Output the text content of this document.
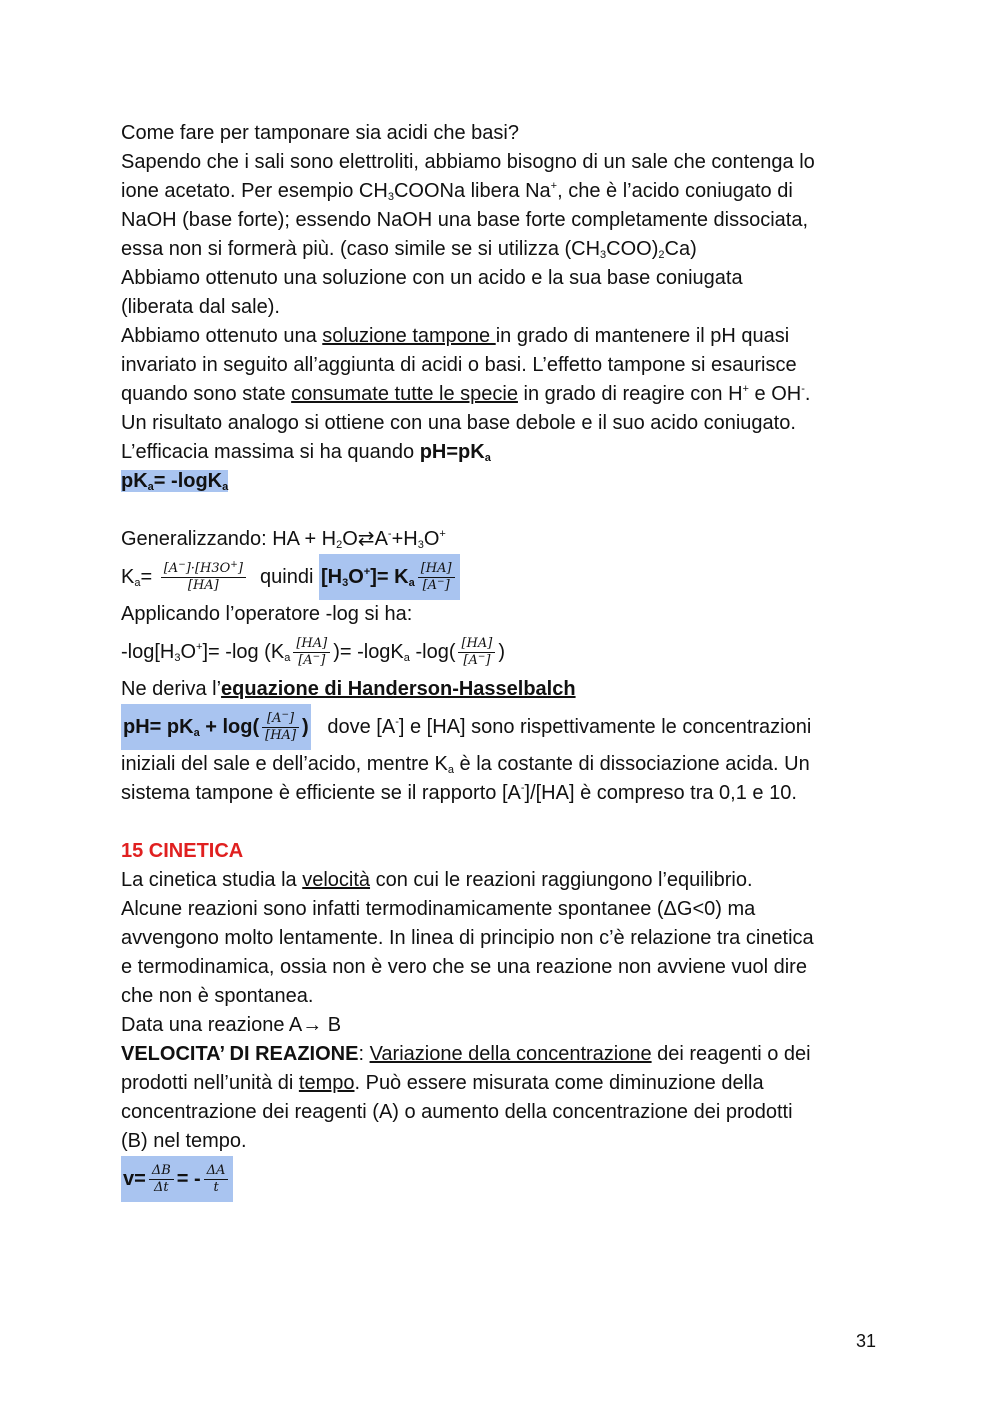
Come fare per tamponare sia acidi che basi?
Sapendo che i sali sono elettroliti, abbiamo bisogno di un sale che contenga lo
ione acetato. Per esempio $CH_3COONa$ libera Na+, che è l’acido coniugato di
NaOH (base forte); essendo NaOH una base forte completamente dissociata,
essa non si formerà più. (caso simile se si utilizza $(CH_3COO)_2Ca$)
Abbiamo ottenuto una soluzione con un acido e la sua base coniugata
(liberata dal sale).
Abbiamo ottenuto una soluzione tampone in grado di mantenere il pH quasi
invariato in seguito all’aggiunta di acidi o basi. L’effetto tampone si esaurisce
quando sono state consumate tutte le specie in grado di reagire con H+ e OH-.
Un risultato analogo si ottiene con una base debole e il suo acido coniugato.
L’efficacia massima si ha quando $pH=pK_a$
$pK_a= -\log K_a$
Generalizzando: HA + $H_2O⇄A^-+H_3O^+$
$K_a= \frac{[A^-]\cdot[H3O^+]}{[HA]}$ quindi $[H_3O^+]= K_a \frac{[HA]}{[A^-]}$
Applicando l’operatore -log si ha:
$-\log[H_3O^+]= -\log$ ($K_a \frac{[HA]}{[A^-]}$ )= -logK$_a$ $-\log( \frac{[HA]}{[A^-]}$ )
Ne deriva l’equazione di Handerson-Hasselbalch
$pH= pK_a + \log( \frac{[A^-]}{[HA]}$ ) dove [A-] e [HA] sono rispettivamente le concentrazioni
iniziali del sale e dell’acido, mentre $K_a$ è la costante di dissociazione acida. Un
sistema tampone è efficiente se il rapporto [A-]/[HA] è compreso tra 0,1 e 10.
15 CINETICA
La cinetica studia la velocità con cui le reazioni raggiungono l’equilibrio.
Alcune reazioni sono infatti termodinamicamente spontanee (ΔG<0) ma
avvengono molto lentamente. In linea di principio non c’è relazione tra cinetica
e termodinamica, ossia non è vero che se una reazione non avviene vuol dire
che non è spontanea.
Data una reazione A→ B
VELOCITA’ DI REAZIONE: Variazione della concentrazione dei reagenti o dei
prodotti nell’unità di tempo. Può essere misurata come diminuzione della
concentrazione dei reagenti (A) o aumento della concentrazione dei prodotti
(B) nel tempo.
$v= \frac{\Delta B}{\Delta t}$ = - $\frac{\Delta A}{t}$
31
